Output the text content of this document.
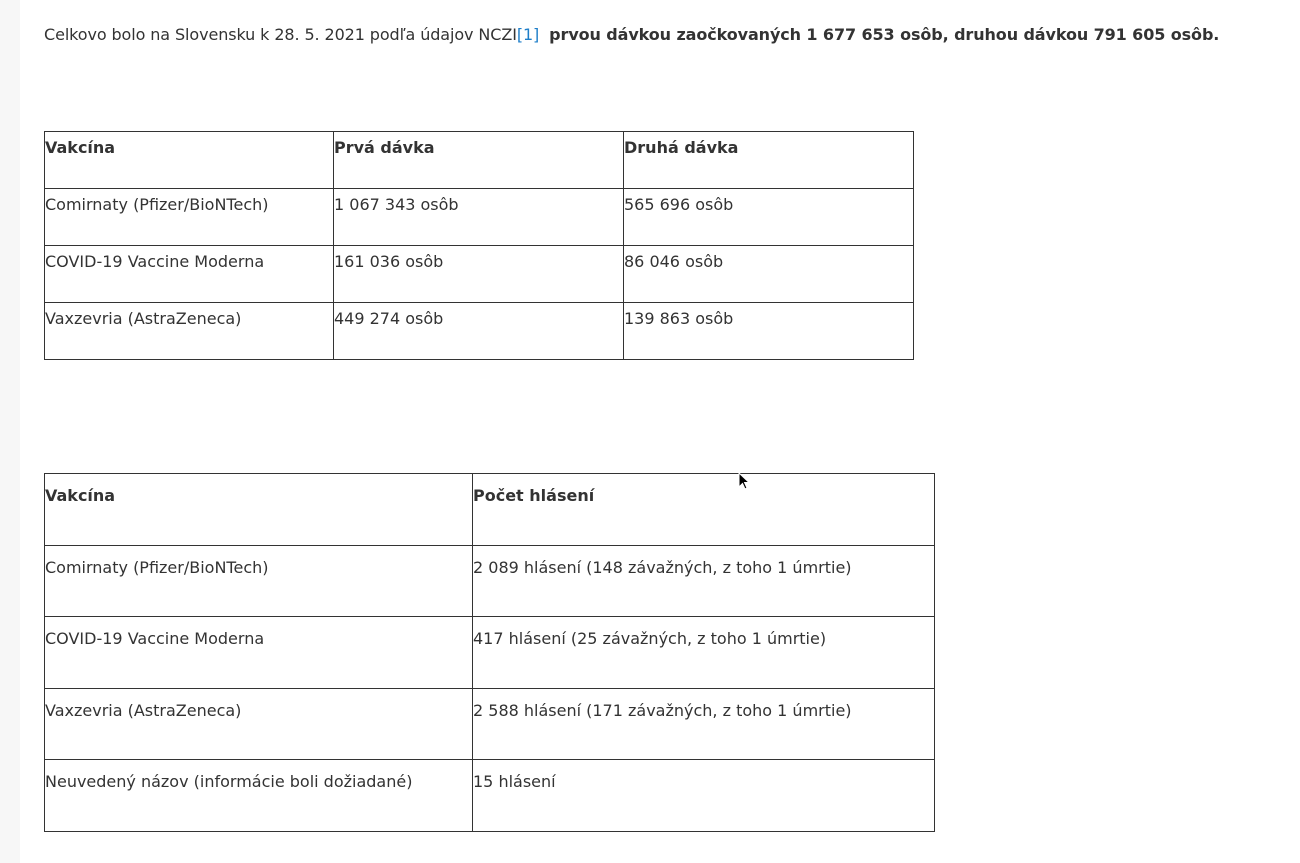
Celkovo bolo na Slovensku k 28. 5. 2021 podľa údajov NCZI[1] prvou dávkou zaočkovaných 1 677 653 osôb, druhou dávkou 791 605 osôb.

Vakcína	Prvá dávka	Druhá dávka
Comirnaty (Pfizer/BioNTech)	1 067 343 osôb	565 696 osôb
COVID-19 Vaccine Moderna	161 036 osôb	86 046 osôb
Vaxzevria (AstraZeneca)	449 274 osôb	139 863 osôb
Vakcína	Počet hlásení
Comirnaty (Pfizer/BioNTech)	2 089 hlásení (148 závažných, z toho 1 úmrtie)
COVID-19 Vaccine Moderna	417 hlásení (25 závažných, z toho 1 úmrtie)
Vaxzevria (AstraZeneca)	2 588 hlásení (171 závažných, z toho 1 úmrtie)
Neuvedený názov (informácie boli dožiadané)	15 hlásení
